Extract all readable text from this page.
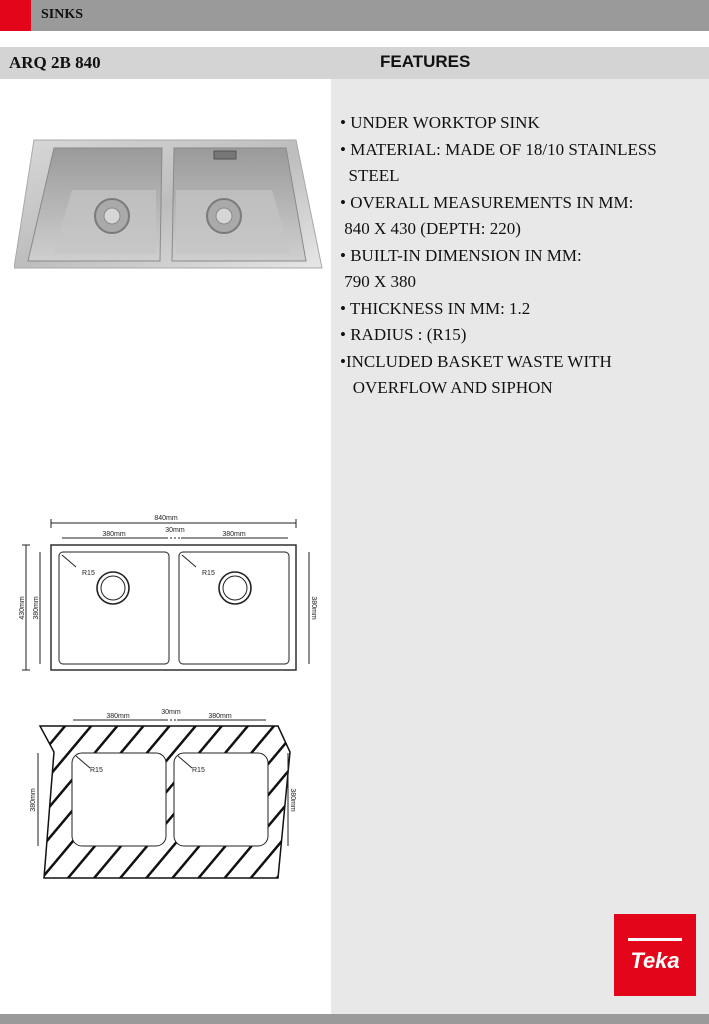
SINKS
ARQ 2B 840	FEATURES
• UNDER WORKTOP SINK
• MATERIAL: MADE OF 18/10 STAINLESS
STEEL
• OVERALL MEASUREMENTS IN MM:
840 X 430 (DEPTH: 220)
• BUILT-IN DIMENSION IN MM:
790 X 380
• THICKNESS IN MM: 1.2
• RADIUS : (R15)
•INCLUDED BASKET WASTE WITH
OVERFLOW AND SIPHON
840mm
380mm
30mm
380mm
R15	R15
430mm 380mm	380mm
380mm
30mm
380mm
R15	R15
380mm	380mm
Teka
